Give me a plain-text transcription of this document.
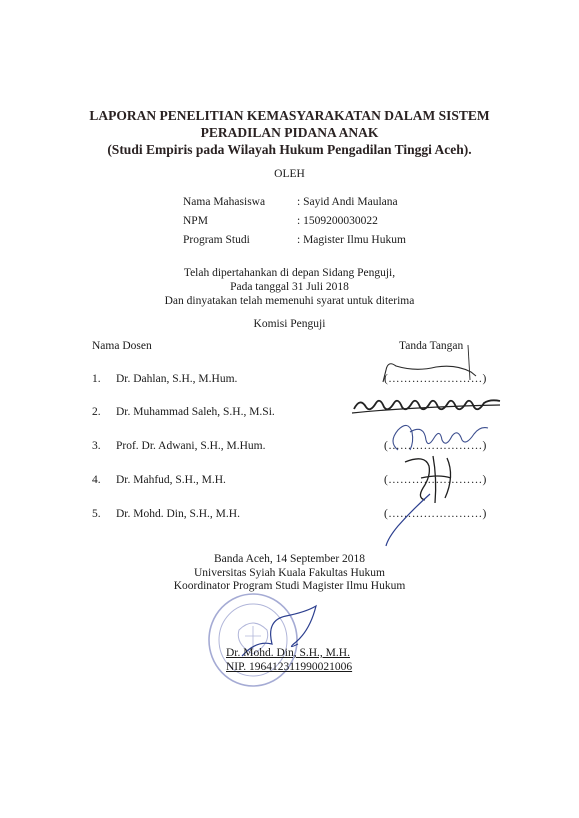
LAPORAN PENELITIAN KEMASYARAKATAN DALAM SISTEM
PERADILAN PIDANA ANAK
(Studi Empiris pada Wilayah Hukum Pengadilan Tinggi Aceh).
OLEH
Nama Mahasiswa	: Sayid Andi Maulana
NPM	: 1509200030022
Program Studi	: Magister Ilmu Hukum
Telah dipertahankan di depan Sidang Penguji,
Pada tanggal 31 Juli 2018
Dan dinyatakan telah memenuhi syarat untuk diterima
Komisi Penguji
Nama Dosen	Tanda Tangan
1. Dr. Dahlan, S.H., M.Hum.	(……………………)
2. Dr. Muhammad Saleh, S.H., M.Si.
3. Prof. Dr. Adwani, S.H., M.Hum.	(……………………)
4. Dr. Mahfud, S.H., M.H.	(……………………)
5. Dr. Mohd. Din, S.H., M.H.	(……………………)
Banda Aceh, 14 September 2018
Universitas Syiah Kuala Fakultas Hukum
Koordinator Program Studi Magister Ilmu Hukum
Dr. Mohd. Din, S.H., M.H.
NIP. 196412311990021006
